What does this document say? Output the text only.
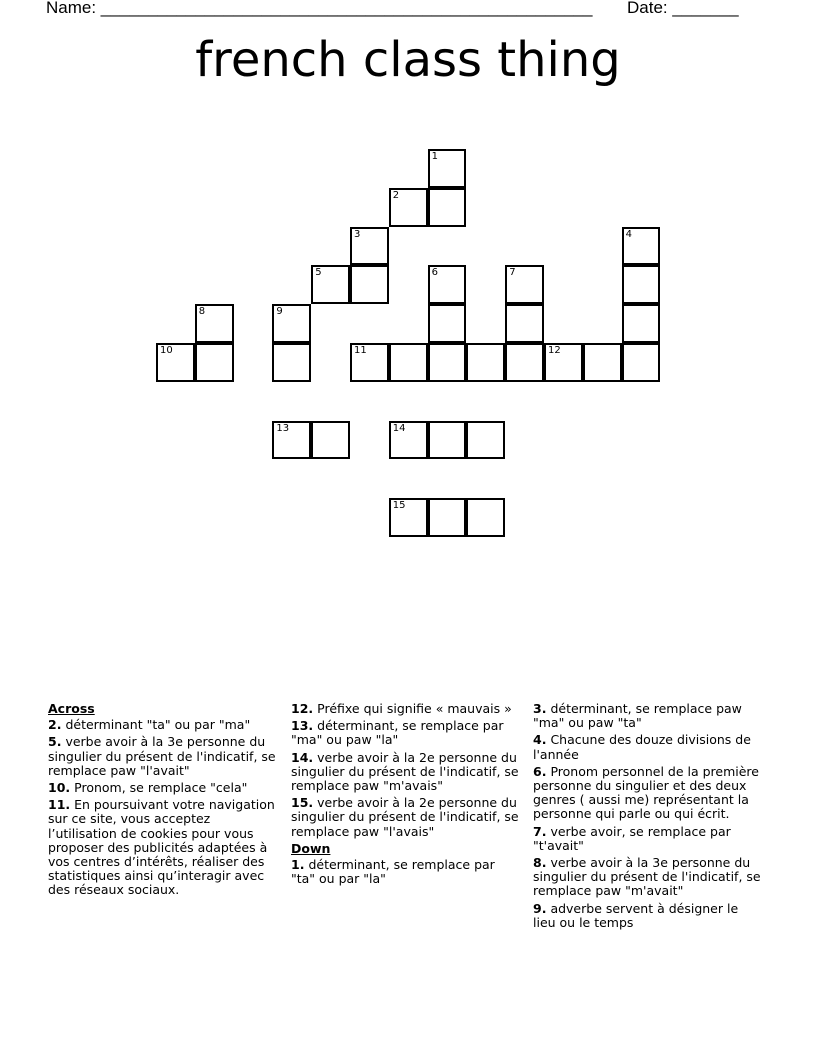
Name: ____________________________________________________ Date: _______
french class thing
1
2
3	4
5	6	7
8	9
10	11	12
13	14
15
Across
2. déterminant "ta" ou par "ma"
5. verbe avoir à la 3e personne du singulier du présent de l'indicatif, se remplace paw "l'avait"
10. Pronom, se remplace "cela"
11. En poursuivant votre navigation sur ce site, vous acceptez l’utilisation de cookies pour vous proposer des publicités adaptées à vos centres d’intérêts, réaliser des statistiques ainsi qu’interagir avec des réseaux sociaux.
12. Préfixe qui signifie « mauvais »
13. déterminant, se remplace par "ma" ou paw "la"
14. verbe avoir à la 2e personne du singulier du présent de l'indicatif, se remplace paw "m'avais"
15. verbe avoir à la 2e personne du singulier du présent de l'indicatif, se remplace paw "l'avais"
Down
1. déterminant, se remplace par "ta" ou par "la"
3. déterminant, se remplace paw "ma" ou paw "ta"
4. Chacune des douze divisions de l'année
6. Pronom personnel de la première personne du singulier et des deux genres ( aussi me) représentant la personne qui parle ou qui écrit.
7. verbe avoir, se remplace par "t'avait"
8. verbe avoir à la 3e personne du singulier du présent de l'indicatif, se remplace paw "m'avait"
9. adverbe servent à désigner le lieu ou le temps
